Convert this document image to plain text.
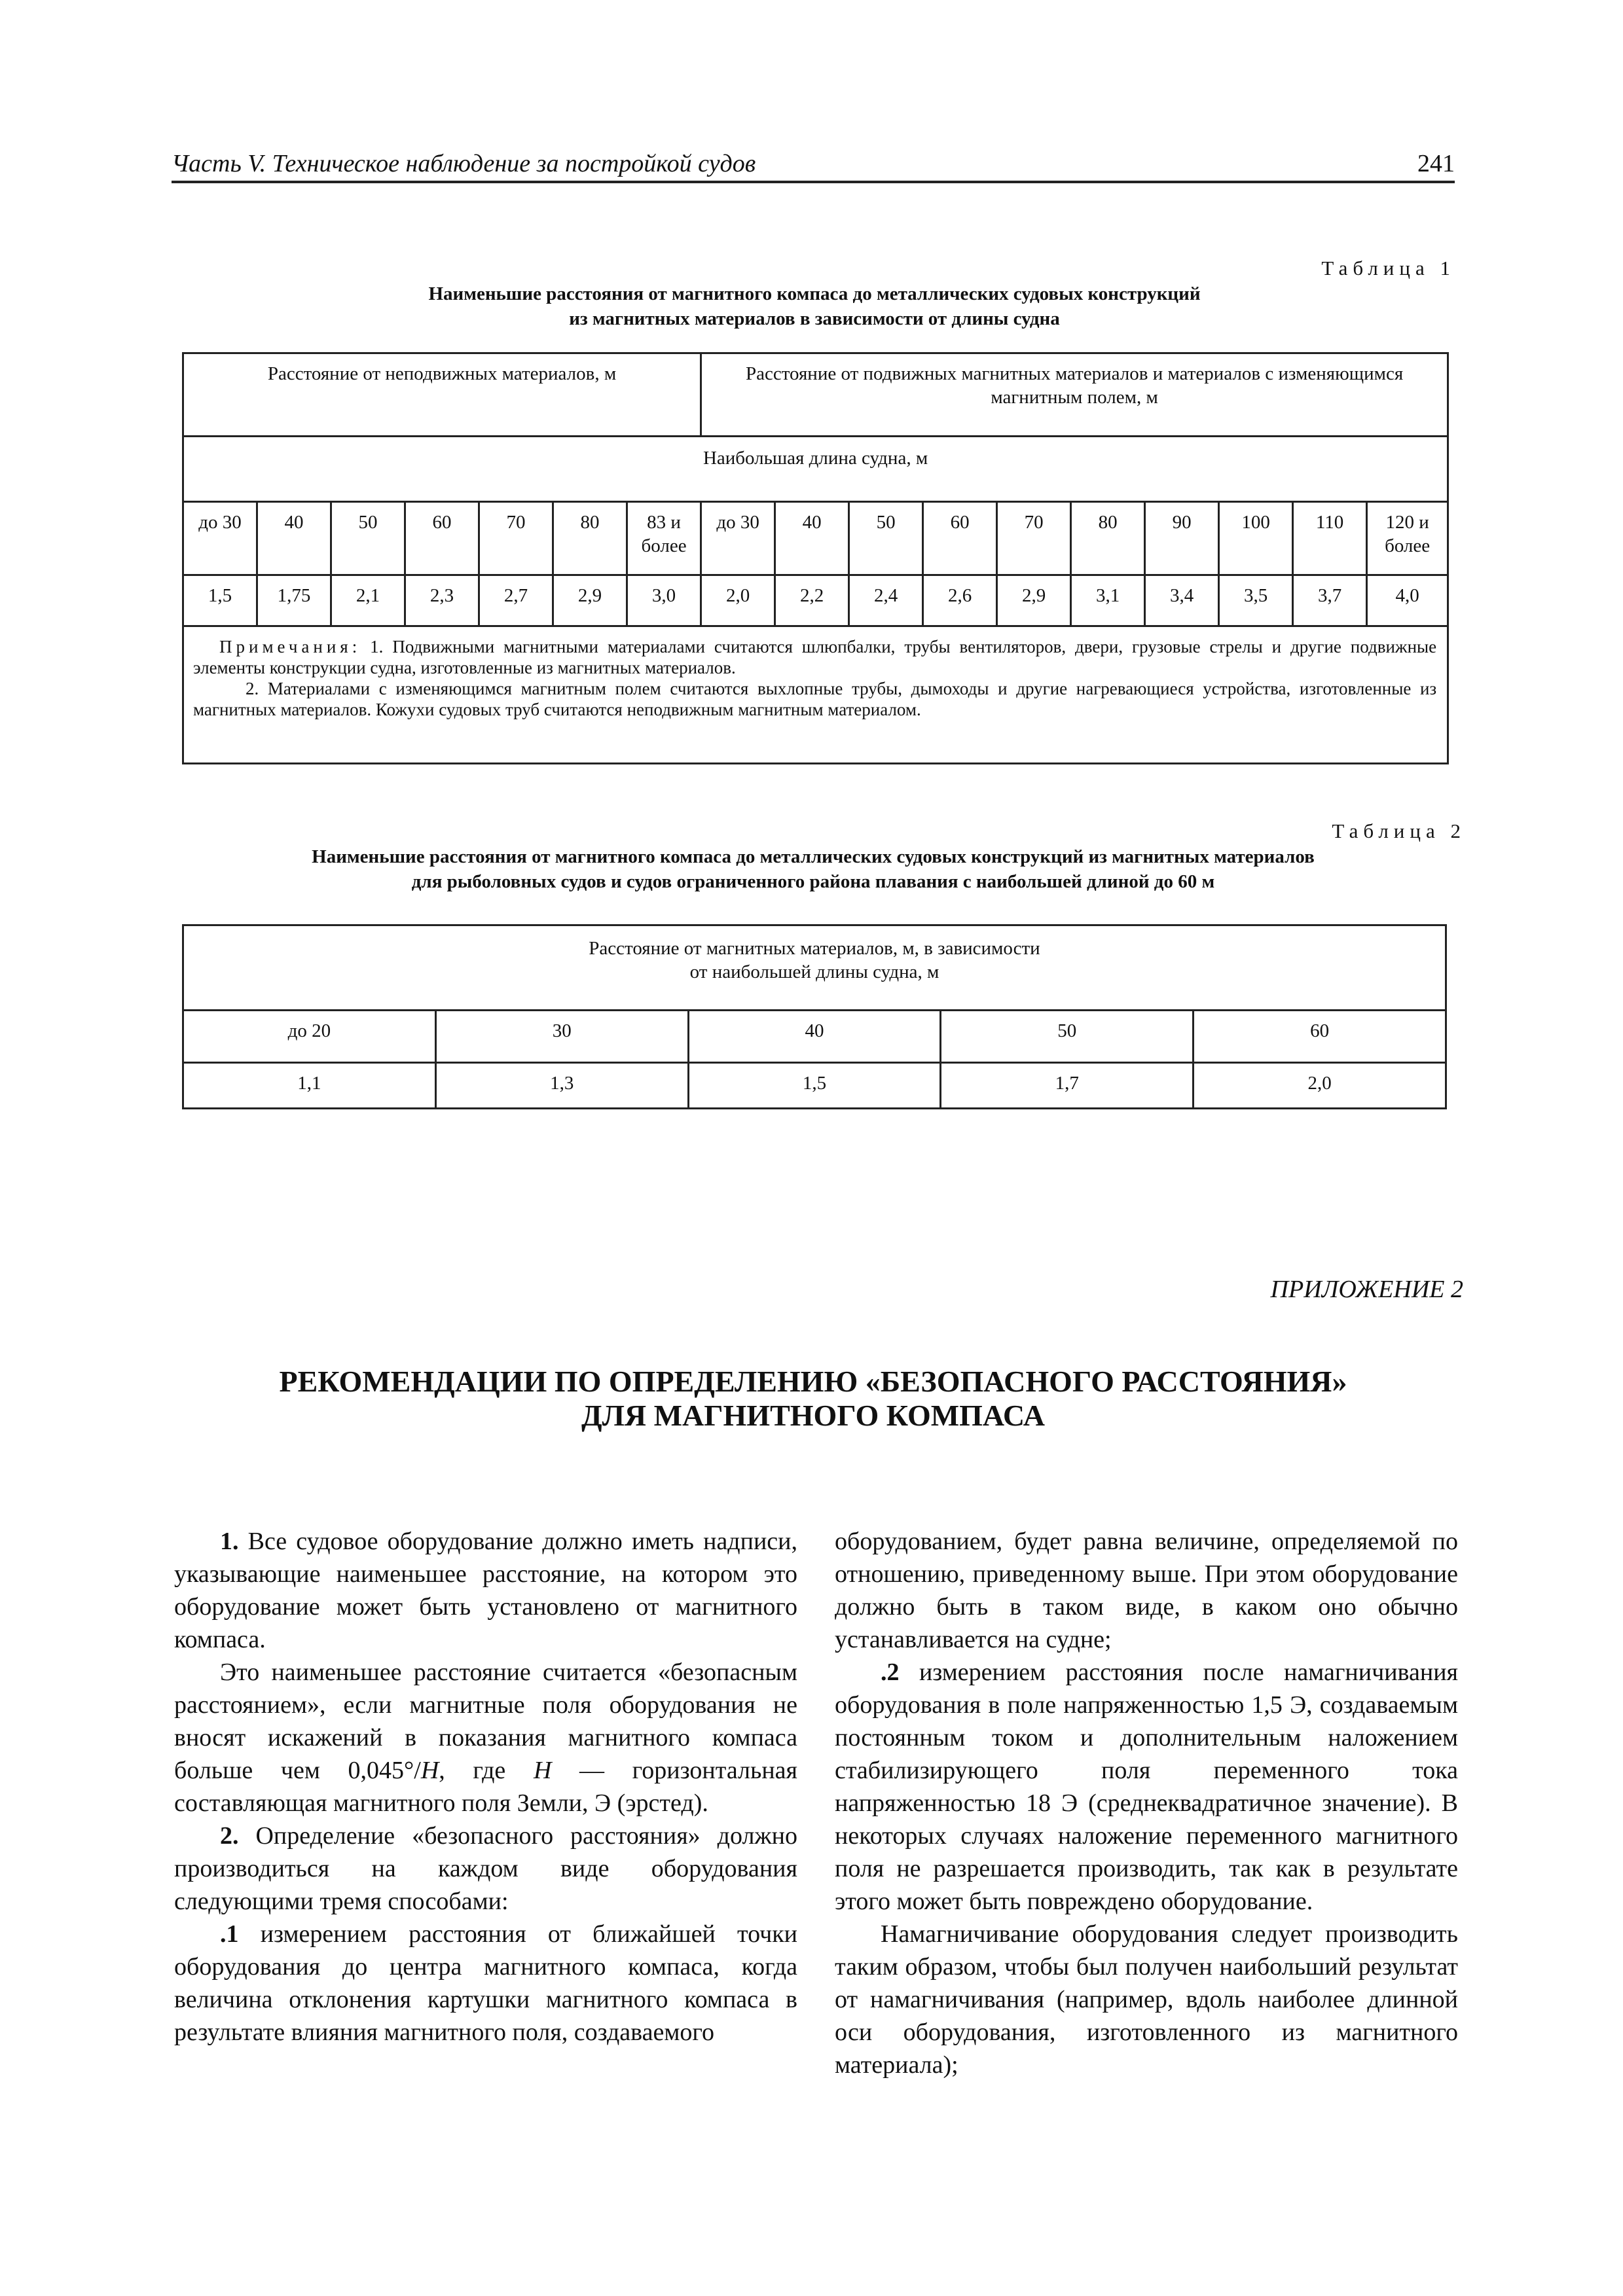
Часть V. Техническое наблюдение за постройкой судов	241
Таблица 1
Наименьшие расстояния от магнитного компаса до металлических судовых конструкций
из магнитных материалов в зависимости от длины судна
Расстояние от неподвижных материалов, м							Расстояние от подвижных магнитных материалов и материалов с изменяющимся магнитным полем, м									
Наибольшая длина судна, м																
до 30	40	50	60	70	80	83 и более	до 30	40	50	60	70	80	90	100	110	120 и более
1,5	1,75	2,1	2,3	2,7	2,9	3,0	2,0	2,2	2,4	2,6	2,9	3,1	3,4	3,5	3,7	4,0

Примечания: 1. Подвижными магнитными материалами считаются шлюпбалки, трубы вентиляторов, двери, грузовые стрелы и другие подвижные элементы конструкции судна, изготовленные из магнитных материалов.
2. Материалами с изменяющимся магнитным полем считаются выхлопные трубы, дымоходы и другие нагревающиеся устройства, изготовленные из магнитных материалов. Кожухи судовых труб считаются неподвижным магнитным материалом.																
Таблица 2
Наименьшие расстояния от магнитного компаса до металлических судовых конструкций из магнитных материалов
для рыболовных судов и судов ограниченного района плавания с наибольшей длиной до 60 м
Расстояние от магнитных материалов, м, в зависимости
от наибольшей длины судна, м				

до 20	30	40	50	60
1,1	1,3	1,5	1,7	2,0
ПРИЛОЖЕНИЕ 2
РЕКОМЕНДАЦИИ ПО ОПРЕДЕЛЕНИЮ «БЕЗОПАСНОГО РАССТОЯНИЯ»
ДЛЯ МАГНИТНОГО КОМПАСА

1. Все судовое оборудование должно иметь надписи, указывающие наименьшее расстояние, на котором это оборудование может быть установлено от магнитного компаса.

Это наименьшее расстояние считается «безопасным расстоянием», если магнитные поля оборудования не вносят искажений в показания магнитного компаса больше чем 0,045°/H, где H — горизонтальная составляющая магнитного поля Земли, Э (эрстед).

2. Определение «безопасного расстояния» должно производиться на каждом виде оборудования следующими тремя способами:

.1 измерением расстояния от ближайшей точки оборудования до центра магнитного компаса, когда величина отклонения картушки магнитного компаса в результате влияния магнитного поля, создаваемого

оборудованием, будет равна величине, определяемой по отношению, приведенному выше. При этом оборудование должно быть в таком виде, в каком оно обычно устанавливается на судне;

.2 измерением расстояния после намагничивания оборудования в поле напряженностью 1,5 Э, создаваемым постоянным током и дополнительным наложением стабилизирующего поля переменного тока напряженностью 18 Э (среднеквадратичное значение). В некоторых случаях наложение переменного магнитного поля не разрешается производить, так как в результате этого может быть повреждено оборудование.

Намагничивание оборудования следует производить таким образом, чтобы был получен наибольший результат от намагничивания (например, вдоль наиболее длинной оси оборудования, изготовленного из магнитного материала);
